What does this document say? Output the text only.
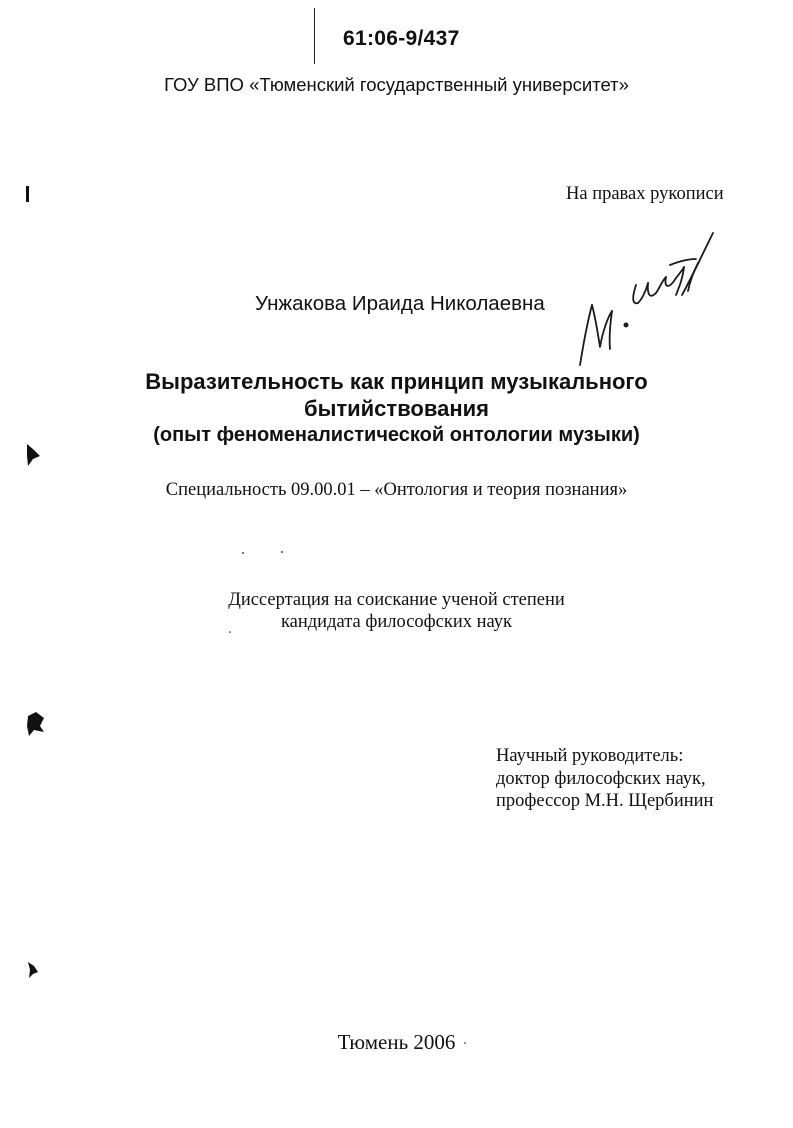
61:06-9/437
ГОУ ВПО «Тюменский государственный университет»
На правах рукописи
Унжакова Ираида Николаевна
Выразительность как принцип музыкального
бытийствования
(опыт феноменалистической онтологии музыки)
Специальность 09.00.01 – «Онтология и теория познания»
Диссертация на соискание ученой степени
кандидата философских наук
Научный руководитель:
доктор философских наук,
профессор М.Н. Щербинин
Тюмень 2006
